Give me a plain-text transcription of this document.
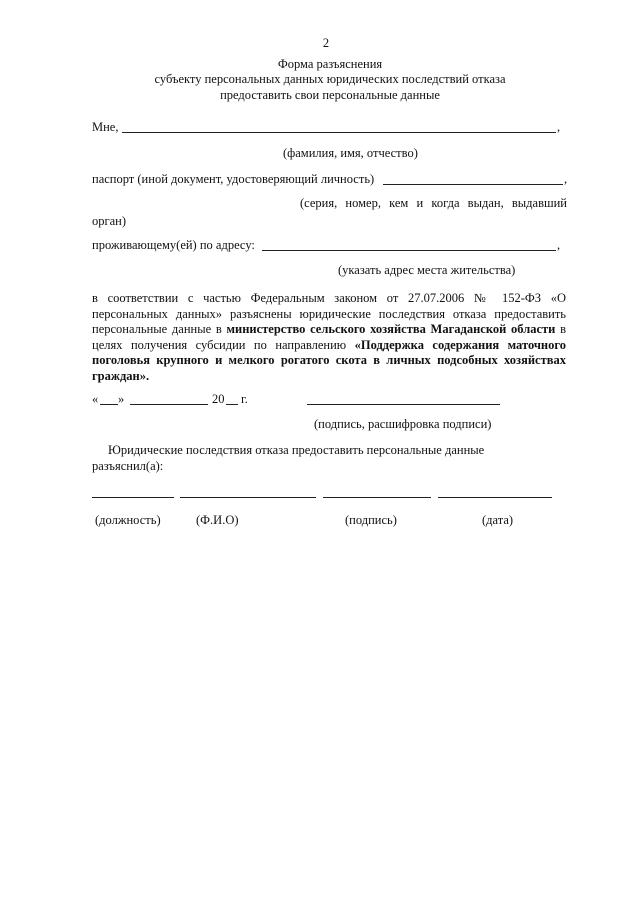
2
Форма разъяснения
субъекту персональных данных юридических последствий отказа
предоставить свои персональные данные
Мне,	,
(фамилия, имя, отчество)
паспорт (иной документ, удостоверяющий личность)	,
(серия, номер, кем и когда выдан, выдавший
орган)
проживающему(ей) по адресу:	,
(указать адрес места жительства)
в соответствии с частью Федеральным законом от 27.07.2006 № 152-ФЗ «О персональных данных» разъяснены юридические последствия отказа предоставить персональные данные в министерство сельского хозяйства Магаданской области в целях получения субсидии по направлению «Поддержка содержания маточного поголовья крупного и мелкого рогатого скота в личных подсобных хозяйствах граждан».
« »	20 г.
(подпись, расшифровка подписи)
Юридические последствия отказа предоставить персональные данные
разъяснил(а):
(должность)	(Ф.И.О)	(подпись)	(дата)
